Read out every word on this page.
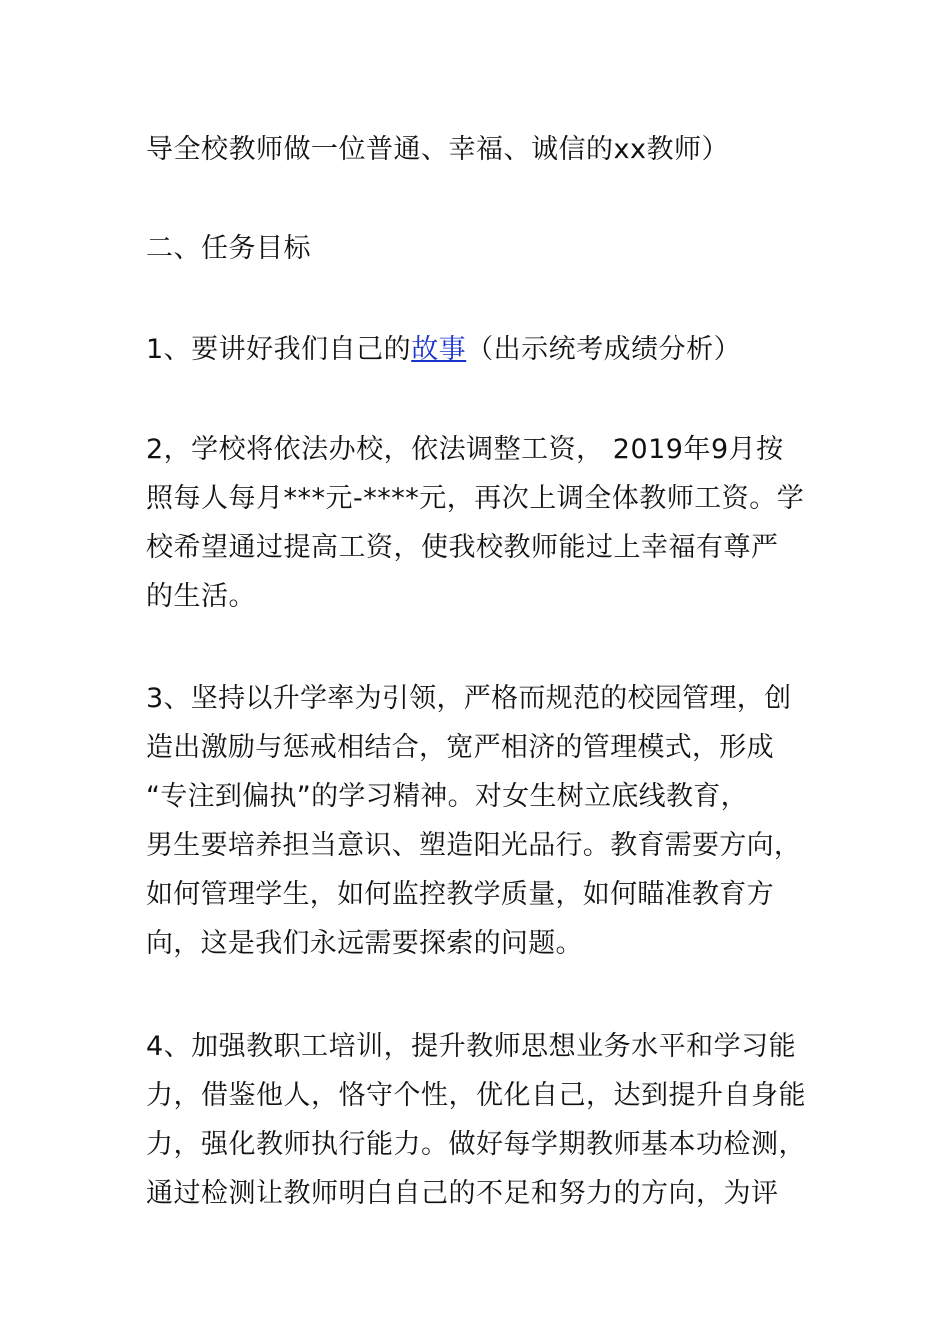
导全校教师做一位普通、幸福、诚信的xx教师）
二、任务目标
1、要讲好我们自己的故事（出示统考成绩分析）
2，学校将依法办校，依法调整工资， 2019年9月按
照每人每月***元-****元，再次上调全体教师工资。学
校希望通过提高工资，使我校教师能过上幸福有尊严
的生活。
3、坚持以升学率为引领，严格而规范的校园管理，创
造出激励与惩戒相结合，宽严相济的管理模式，形成
“专注到偏执”的学习精神。对女生树立底线教育，
男生要培养担当意识、塑造阳光品行。教育需要方向，
如何管理学生，如何监控教学质量，如何瞄准教育方
向，这是我们永远需要探索的问题。
4、加强教职工培训，提升教师思想业务水平和学习能
力，借鉴他人，恪守个性，优化自己，达到提升自身能
力，强化教师执行能力。做好每学期教师基本功检测，
通过检测让教师明白自己的不足和努力的方向，为评
